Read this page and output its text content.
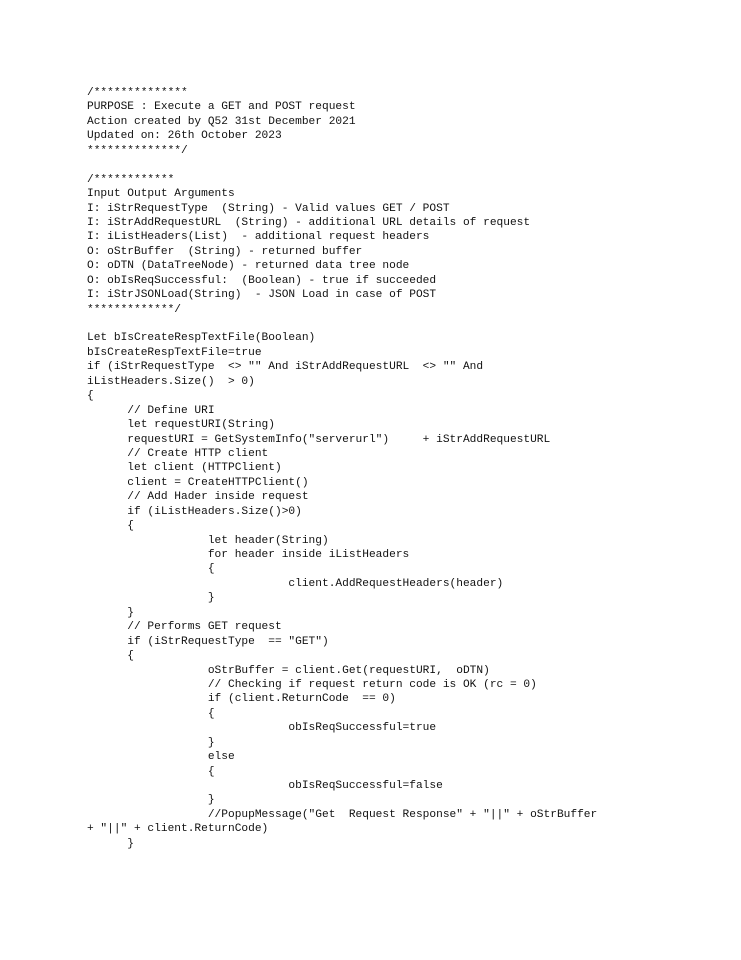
/**************
PURPOSE : Execute a GET and POST request
Action created by Q52 31st December 2021
Updated on: 26th October 2023
**************/
/************
Input Output Arguments
I: iStrRequestType  (String) - Valid values GET / POST
I: iStrAddRequestURL  (String) - additional URL details of request
I: iListHeaders(List)  - additional request headers
O: oStrBuffer  (String) - returned buffer
O: oDTN (DataTreeNode) - returned data tree node
O: obIsReqSuccessful:  (Boolean) - true if succeeded
I: iStrJSONLoad(String)  - JSON Load in case of POST
*************/
Let bIsCreateRespTextFile(Boolean)
bIsCreateRespTextFile=true
if (iStrRequestType  <> "" And iStrAddRequestURL  <> "" And
iListHeaders.Size()  > 0)
{
// Define URI
let requestURI(String)
requestURI = GetSystemInfo("serverurl")     + iStrAddRequestURL
// Create HTTP client
let client (HTTPClient)
client = CreateHTTPClient()
// Add Hader inside request
if (iListHeaders.Size()>0)
{
let header(String)
for header inside iListHeaders
{
client.AddRequestHeaders(header)
}
}
// Performs GET request
if (iStrRequestType  == "GET")
{
oStrBuffer = client.Get(requestURI,  oDTN)
// Checking if request return code is OK (rc = 0)
if (client.ReturnCode  == 0)
{
obIsReqSuccessful=true
}
else
{
obIsReqSuccessful=false
}
//PopupMessage("Get  Request Response" + "||" + oStrBuffer
+ "||" + client.ReturnCode)
}
